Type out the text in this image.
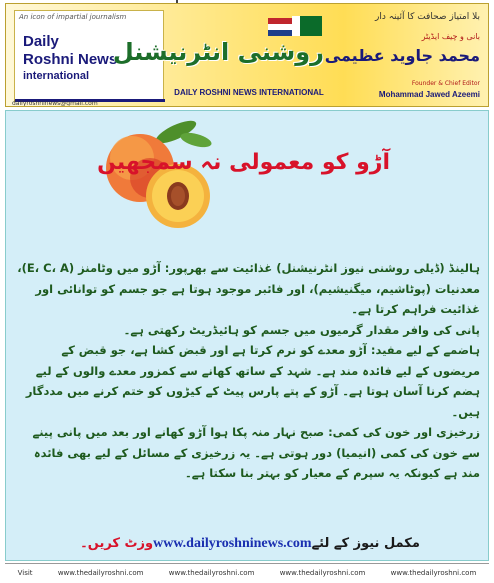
An icon of impartial journalism
Daily
Roshni News
international
dailyroshninews@gmail.com
روشنی انٹرنیشنل
DAILY ROSHNI NEWS INTERNATIONAL
بلا امتیاز صحافت کا آئینہ دار
بانی و چیف ایڈیٹر
محمد جاوید عظیمی
Founder & Chief Editor
Mohammad Jawed Azeemi
آڑو کو معمولی نہ سمجھیں

ہالینڈ (ڈیلی روشنی نیوز انٹرنیشنل) غذائیت سے بھرپور: آڑو میں وٹامنز (E، C، A)، معدنیات (پوٹاشیم، میگنیشیم)، اور فائبر موجود ہوتا ہے جو جسم کو توانائی اور غذائیت فراہم کرتا ہے۔

پانی کی وافر مقدار گرمیوں میں جسم کو ہائیڈریٹ رکھتی ہے۔

ہاضمے کے لیے مفید: آڑو معدے کو نرم کرتا ہے اور قبض کشا ہے، جو قبض کے مریضوں کے لیے فائدہ مند ہے۔ شہد کے ساتھ کھانے سے کمزور معدے والوں کے لیے ہضم کرنا آسان ہوتا ہے۔ آڑو کے پتے پارس پیٹ کے کیڑوں کو ختم کرنے میں مددگار ہیں۔

زرخیزی اور خون کی کمی: صبح نہار منہ پکا ہوا آڑو کھانے اور بعد میں پانی پینے سے خون کی کمی (انیمیا) دور ہوتی ہے۔ یہ زرخیزی کے مسائل کے لیے بھی فائدہ مند ہے کیونکہ یہ سپرم کے معیار کو بہتر بنا سکتا ہے۔

مکمل نیوز کے لئےwww.dailyroshninews.comوزٹ کریں۔
Visit	www.thedailyroshni.com	www.thedailyroshni.com	www.thedailyroshni.com	www.thedailyroshni.com
